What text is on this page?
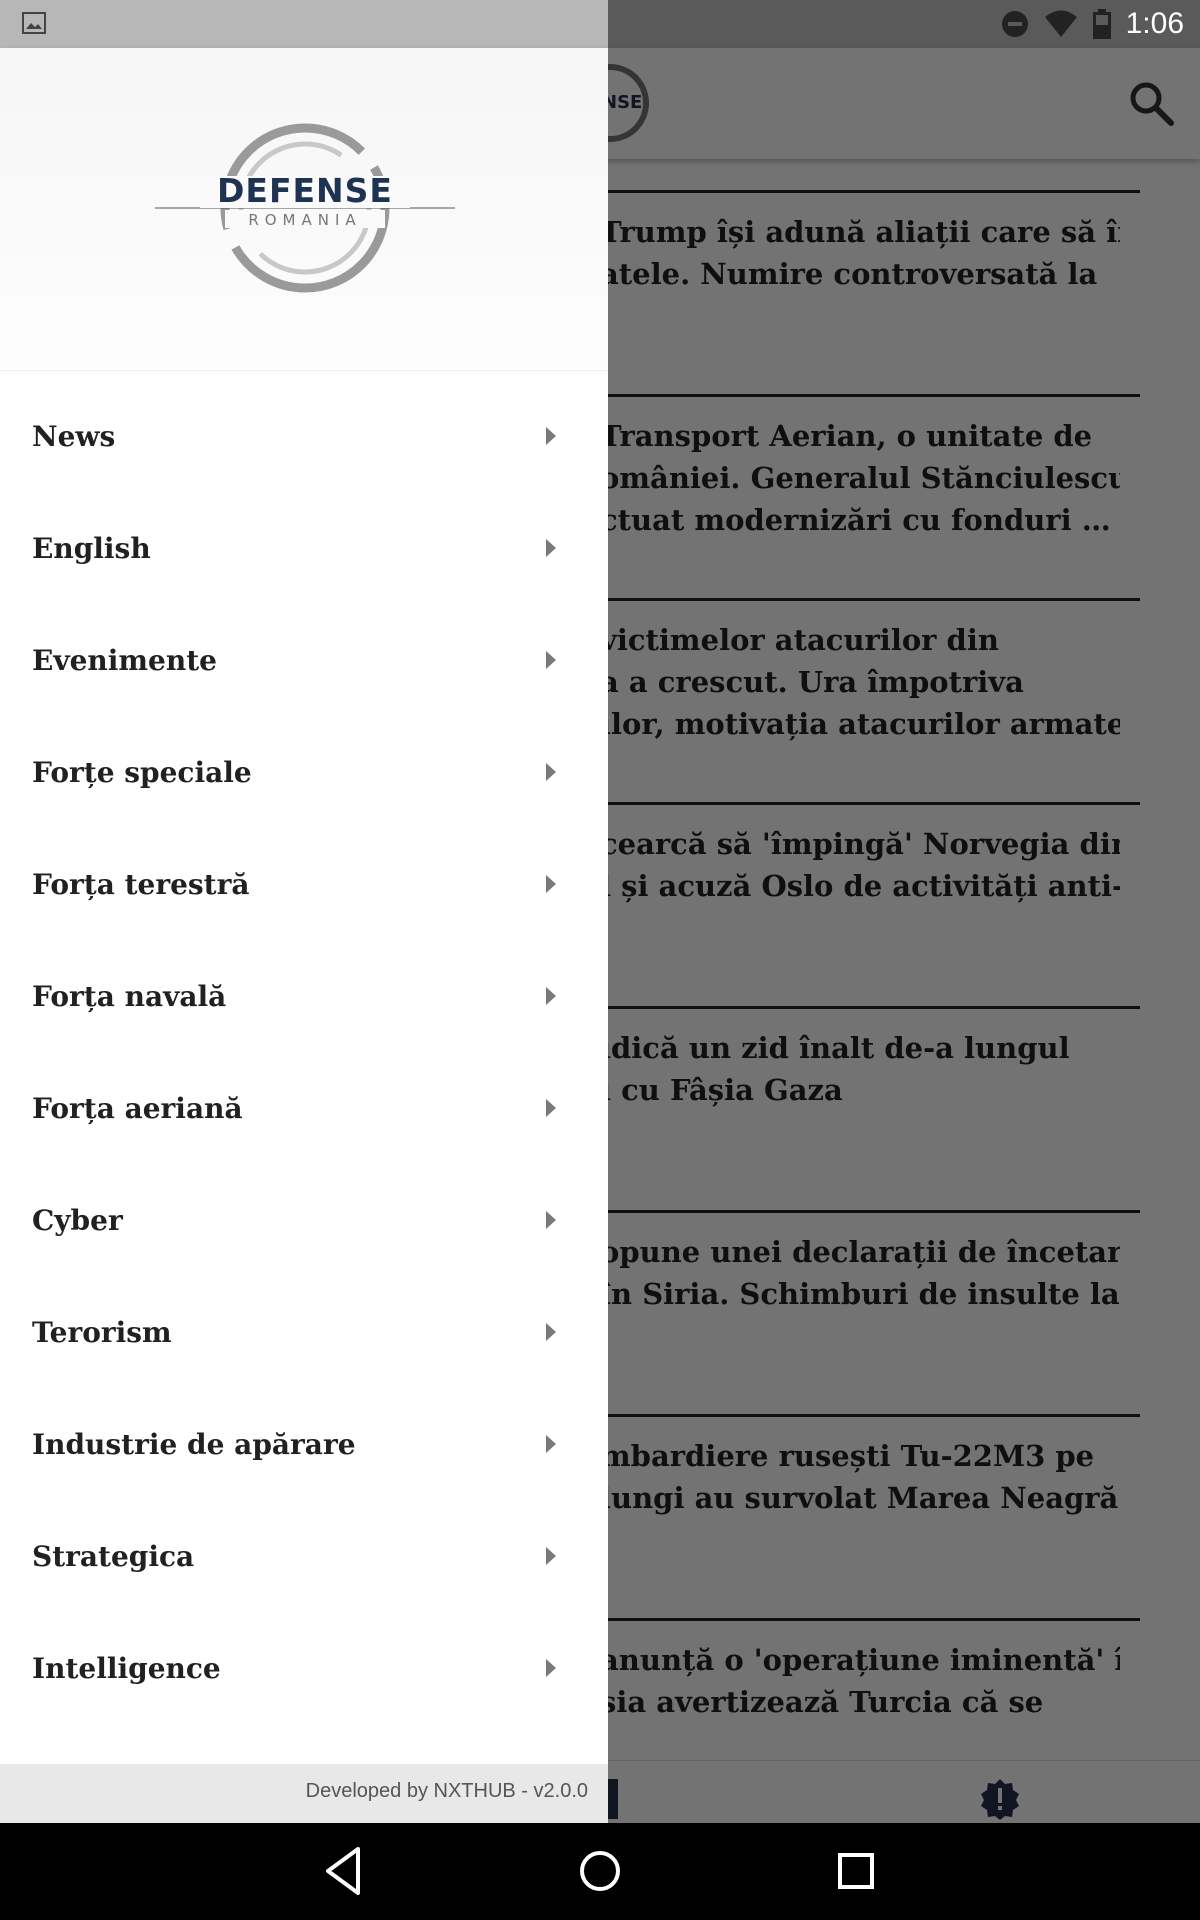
1:06
DEFENSE
ROMANIA
News
English
Evenimente
Forțe speciale
Forța terestră
Forța navală
Forța aeriană
Cyber
Terorism
Industrie de apărare
Strategica
Intelligence
Developed by NXTHUB - v2.0.0
